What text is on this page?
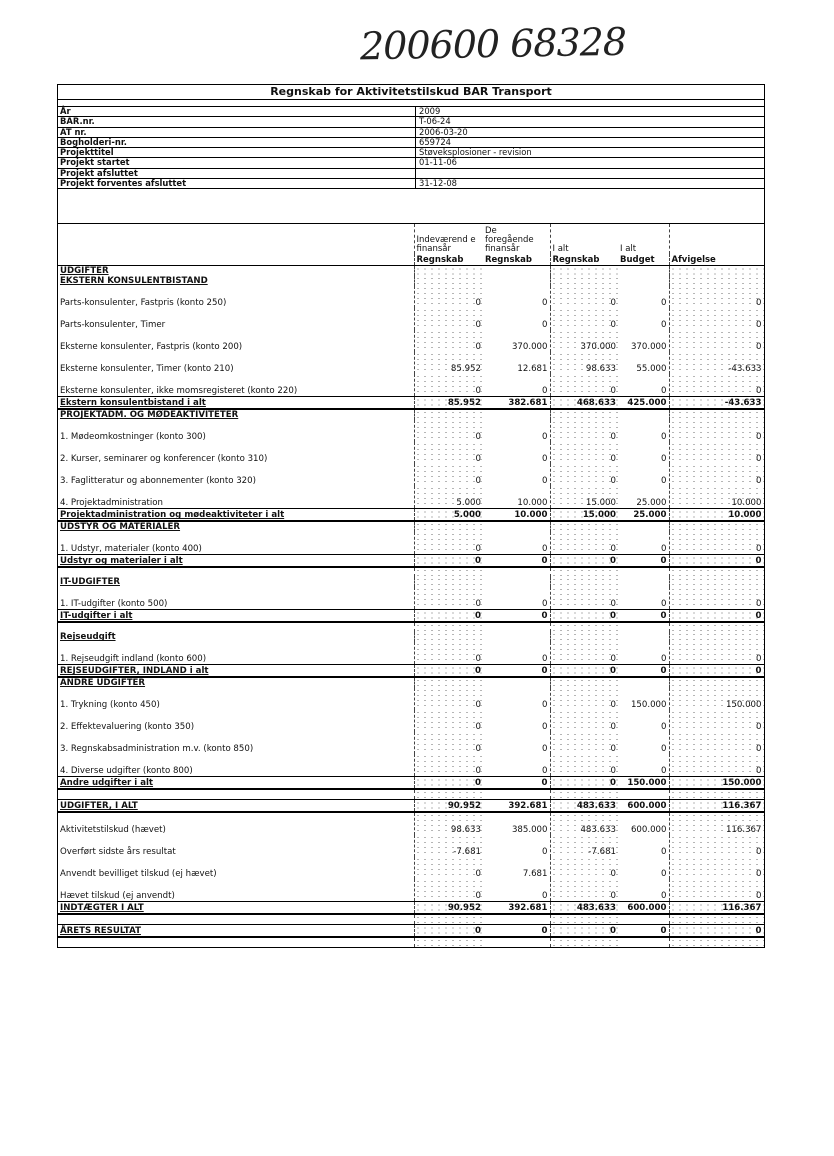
200600 68328
Regnskab for Aktivitetstilskud BAR Transport
År	2009
BAR.nr.	T-06-24
AT nr.	2006-03-20
Bogholderi-nr.	659724
Projekttitel	Støveksplosioner - revision
Projekt startet	01-11-06
Projekt afsluttet
Projekt forventes afsluttet	31-12-08
	Indeværend e finansår	De foregående finansår	I alt	I alt	
	Regnskab	Regnskab	Regnskab	Budget	Afvigelse
UDGIFTER					
EKSTERN KONSULENTBISTAND					
Parts-konsulenter, Fastpris (konto 250)	0	0	0	0	0
Parts-konsulenter, Timer	0	0	0	0	0
Eksterne konsulenter, Fastpris (konto 200)	0	370.000	370.000	370.000	0
Eksterne konsulenter, Timer (konto 210)	85.952	12.681	98.633	55.000	-43.633
Eksterne konsulenter, ikke momsregisteret (konto 220)	0	0	0	0	0
Ekstern konsulentbistand i alt	85.952	382.681	468.633	425.000	-43.633
PROJEKTADM. OG MØDEAKTIVITETER					
1. Mødeomkostninger (konto 300)	0	0	0	0	0
2. Kurser, seminarer og konferencer (konto 310)	0	0	0	0	0
3. Faglitteratur og abonnementer (konto 320)	0	0	0	0	0
4. Projektadministration	5.000	10.000	15.000	25.000	10.000
Projektadministration og mødeaktiviteter i alt	5.000	10.000	15.000	25.000	10.000
UDSTYR OG MATERIALER					
1. Udstyr, materialer (konto 400)	0	0	0	0	0
Udstyr og materialer i alt	0	0	0	0	0

IT-UDGIFTER					
1. IT-udgifter (konto 500)	0	0	0	0	0
IT-udgifter i alt	0	0	0	0	0

Rejseudgift					
1. Rejseudgift indland (konto 600)	0	0	0	0	0
REJSEUDGIFTER, INDLAND i alt	0	0	0	0	0
ANDRE UDGIFTER					
1. Trykning (konto 450)	0	0	0	150.000	150.000
2. Effektevaluering (konto 350)	0	0	0	0	0
3. Regnskabsadministration m.v. (konto 850)	0	0	0	0	0
4. Diverse udgifter (konto 800)	0	0	0	0	0
Andre udgifter i alt	0	0	0	150.000	150.000

UDGIFTER, I ALT	90.952	392.681	483.633	600.000	116.367
Aktivitetstilskud (hævet)	98.633	385.000	483.633	600.000	116.367
Overført sidste års resultat	-7.681	0	-7.681	0	0
Anvendt bevilliget tilskud (ej hævet)	0	7.681	0	0	0
Hævet tilskud (ej anvendt)	0	0	0	0	0
INDTÆGTER I ALT	90.952	392.681	483.633	600.000	116.367

ÅRETS RESULTAT	0	0	0	0	0
